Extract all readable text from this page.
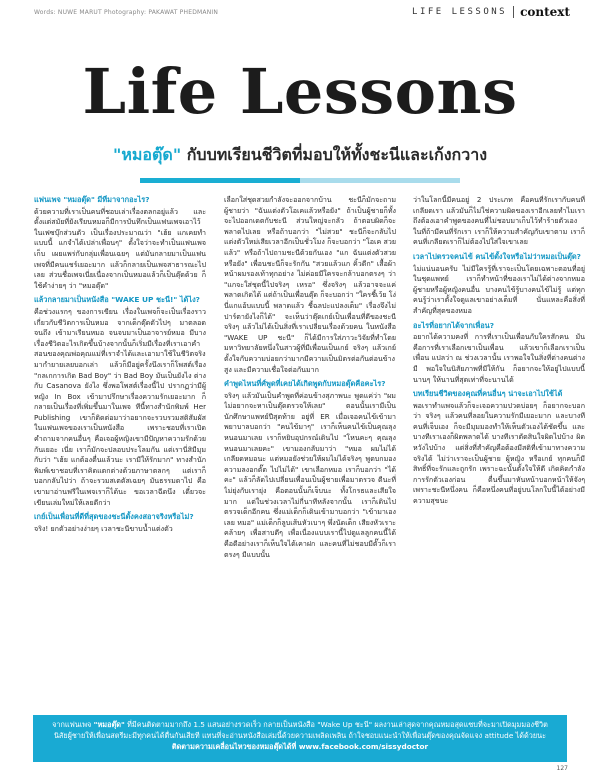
Words: NUWE MARUT Photography: PAKAWAT PHEDMANIN	LIFE LESSONS context
Life Lessons
"หมอตุ๊ด" กับบทเรียนชีวิตที่มอบให้ทั้งชะนีและเก้งกวาง
แฟนเพจ "หมอตุ๊ด" มีที่มาจากอะไร?
ด้วยความที่เราเป็นคนที่ชอบเล่าเรื่องตลกอยู่แล้ว และตั้งแต่สมัยที่ยังเรียนหมอก็มีการบันทึกเป็นแฟนเพจเอาไว้ในเฟซบุ๊กส่วนตัว เป็นเรื่องประมาณว่า "เฮ้ย แกเคยทำแบบนี้ แกจำได้เปล่าเพื่อนๆ" ตั้งใจว่าจะทำเป็นแฟนเพจเก็บ เผยแพร่กับกลุ่มเพื่อนเฉยๆ แต่มันกลายมาเป็นแฟนเพจที่มีคนแชร์เยอะมาก แล้วก็กลายเป็นเพจสาธารณะไปเลย ส่วนชื่อเพจเนี่ยเนื่องจากเป็นหมอแล้วก็เป็นตุ๊ดด้วย ก็ใช้คำง่ายๆ ว่า "หมอตุ๊ด"
แล้วกลายมาเป็นหนังสือ "WAKE UP ชะนี!" ได้ไง?
คือช่วงแรกๆ ของการเขียน เรื่องในเพจก็จะเป็นเรื่องราวเกี่ยวกับชีวิตการเป็นหมอ จากเด็กตุ๊ดตัวไปๆ มาตลอดจนถึง เข้ามาเรียนหมอ จนจบมาเป็นอาจารย์หมอ มีบางเรื่องชีวิตอะไรเกิดขึ้นบ้างจากนั้นก็เริ่มมีเรื่องที่เราเอาคำสอนของคุณพ่อคุณแม่ที่เราจำได้และเอามาใช้ในชีวิตจริงมากำยายเลยบอกเล่า แล้วก็มีอยู่ครั้งนึงเราก็โพสต์เรื่อง "กลเกการเกิด Bad Boy" ว่า Bad Boy มันเป็นยังไง ต่างกับ Casanova ยังไง ซึ่งพอโพสต์เรื่องนี้ไป ปรากฏว่ามีผู้หญิง In Box เข้ามาปรึกษาเรื่องความรักเยอะมาก ก็กลายเป็นเรื่องที่เพิ่มขึ้นมาในเพจ ทีนี้ทางสำนักพิมพ์ Her Publishing เขาก็ติดต่อมาว่าอยากจะรวบรวมสติสัมผัสในแฟนเพจของเราเป็นหนังสือ เพราะชอบที่เราเปิดคำถามจากคนอื่นๆ คือเจอผู้หญิงเขามีปัญหาความรักด้วยกันเยอะ เนี่ย เราก็มักจะปลอบประโลมกัน แต่เรานี่สิมีมุมกับว่า "เฮ้ย แกต้องตื่นแล้วนะ เรามีให้รักมาก" ทางสำนักพิมพ์เขาชอบที่เราคิดแตกต่างด้วยภาษาตลกๆ แต่เราก็บอกกลับไปว่า ถ้าจะรวมสเตตัสเฉยๆ มันธรรมดาไป คือเขามาอ่านฟรีในเพจเราก็ได้นะ ขอเวลาฉีดนึง เดี๋ยวจะเขียนเล่มใหม่ให้เลยดีกว่า
เกย์เป็นเพื่อนที่ดีที่สุดของชะนีตั้งคงสอาจริงหรือไม่?
จริง! ยกตัวอย่างง่ายๆ เวลาชะนีขาบน้ำแต่งตัว
เลือกใส่ชุดสวยกำลังจะออกจากบ้าน ชะนีก็มักจะถามผู้ชายว่า "ฉันแต่งตัวโอเคแล้วหรือยัง" ถ้าเป็นผู้ชายก็ทั้งจะไปออกเดตกับชะนี ส่วนใหญ่จะกลัว ถ้าตอบผิดก็จะพลาดไปเลย หรือถ้าบอกว่า "ไม่สวย" ชะนีก็จะกลับไปแต่งตัวใหม่เสียเวลาอีกเป็นชั่วโมง ก็จะบอกว่า "โอเค สวยแล้ว" หรือถ้าไปถามชะนีด้วยกันเอง "แก ฉันแต่งตัวสวยหรือยัง" เพื่อนชะนีก็จะรักกัน "สวยแล้วแก คิ้วดีก" เสื้อผ้าหน้าผมรองเท้าทุกอย่าง ไม่ค่อยมีใครจะกล้าบอกตรงๆ ว่า "แกจะใส่ชุดนี้ไปจริงๆ เหรอ" ซึ่งจริงๆ แล้วอาจจะแค่พลาดเกิดได้ แต่ถ้าเป็นเพื่อนตุ๊ด ก็จะบอกว่า "ใครชี้เว้ย โง่นี่แกแอ้บแบบนี้ พลาดแล้ว ชี้ฉลปะแปลงเต็ม" เรื่องจึงไม่ปาร์ตายังไงก็ได้" จะเห็นว่าตุ๊ดเกย์เป็นเพื่อนที่ดีของชะนีจริงๆ แล้วไม่ได้เป็นสิ่งที่เราเปลี่ยนเรื่องด้วยคน ในหนังสือ "WAKE UP ชะนี" ก็ได้มีการใส่ภาวะวิจัยที่ทำโดยมหาวิทยาลัยหนึ่งในสาวผู้ที่มีเพื่อนเป็นเกย์ จริงๆ แล้วเกย์ตั้งใจกับความบ่อยกว่ามากมีความเป็นมิตรต่อกันต่อนข้างสูง และมีความเชื่อใจต่อกันมาก
คำพูดไหนที่ศ์พูดที่เคยได้เกิดพูดกับหมอตุ๊ดคือคะไร?
จริงๆ แล้วมันเป็นคำพูดที่ค่อนข้างสุภาพนะ พูดแค่ว่า "ผมไม่อยากจะหาเป็นตุ๊ดตรวจให้เลย" ตอนนั้นเรามีเป็นนักศึกษาแพทย์ปีสุดท้าย อยู่ที่ ER เมื่อเจอคนไข้เข้ามา พยาบาลบอกว่า "คนไข้มาๆ" เราก็เห็นคนไข้เป็นคุณลุงหนอนมาเลย เราก็หยิบอุปกรณ์เดินไป "โหนคะๆ คุณลุงหนอนมาเลยคะ" เขามองกลับมาว่า "หมอ ผมไม่ได้เกลียดหมอนะ แต่หมอยังช่วยให้ผมไม่ได้จริงๆ พูดบกมองความลงอกตั๊ต ไปไม่ได้" เขาเลือกหมอ เราก็บอกว่า "ได้คะ" แล้วก็ลัดไปเปลี่ยนเพื่อนเป็นผู้ชายเพื่อมาตรวจ ดีนะที่ไม่ยุ่งกับเรายุ่ง คือตอนนั้นก็เจ็บนะ ทั้งโกรธและเสียใจมาก แต่ในช่วงเวลาไม่กี่นาทีหลังจากนั้น เราก็เดินไปตรวจเด็กอีกคน ซึ่งแม่เด็กก็เดินเข้ามาบอกว่า "เข้ามาเองเลย หมอ" แม่เด็กก็ลูบเส้นหัวเบาๆ พึ่งนัดเด็ก เสียงหัวเราะคล้ายๆ เพื่อสาบดีๆ เพื่อเนื่องแบบเรานี้ไปดูแลลูกคนนี้ได้ คือดีอย่างเราก็เห็นใจได้เคาฝก และคนที่ไม่ชอบมีตั๊วก็เราตรงๆ มีแบบนั้น
ว่าในโลกนี้มีคนอยู่ 2 ประเภท คือคนที่รักเรากับคนที่เกลียดเรา แล้วมันก็ไม่ใช่ความผิดของเราอีกเลยทำไมเราถึงต้องเอาคำพูดของคนที่ไม่ชอบมาเก็บไว้ทำร้ายตัวเอง ในที่ถ้ามีคนที่รักเรา เราก็ให้ความสำคัญกับเขาตาม เราก็คนที่เกลียดเราก็ไม่ต้องไปใส่ใจเขาเลย
เวลาไปตรวจคนไข้ คนไข้ตั้งใจหรือไม่ว่าหมอเป็นตุ๊ด?
ไม่แน่นอนครับ ไม่มีใครรู้ที่เราจะเป็นโดยเฉพาะตอนที่อยู่ในชุดแพทย์ เราก็ทำหน้าที่ของเราไม่ได้ต่างจากหมอผู้ชายหรือผู้หญิงคนอื่น บางคนไข้รู้บางคนไข้ไม่รู้ แต่ทุกคนรู้ว่าเราตั้งใจดูแลเขาอย่างเต็มที่ นั่นแหละคือสิ่งที่สำคัญที่สุดของหมอ
อะไรที่อยากได้จากเพื่อน?
อยากได้ความคงที่ การที่เราเป็นเพื่อนกับใครสักคน มันคือการที่เราเลือกเขาเป็นเพื่อน แล้วเขาก็เลือกเราเป็นเพื่อน แปลว่า ณ ช่วงเวลานั้น เราพอใจในสิ่งที่ต่างคนต่างมี พอใจในนิสัยภาพที่มีให้กัน ก็อยากจะให้อยู่ไปแบบนี้นานๆ ให้นานที่สุดเท่าที่จะนานได้
บทเรียนชีวิตของคุณที่คนอื่นๆ น่าจะเอาไปใช้ได้
พอเราทำแพจแล้วก็จะเจอความปวดบ่อยๆ ก็อยากจะบอกว่า จริงๆ แล้วคนที่ลอยในความรักมีเยอะมาก และบางทีคนที่เจ็บเอง ก็จะมีมุมมองทำให้เห็นตัวเองได้ชัดขึ้น และบางทีเราเองก็ผิดพลาดได้ บางทีเราตัดสินใจผิดไปบ้าง ผิดหวังไปบ้าง แต่สิ่งที่สำคัญคือต้องมีสติที่เข้ามาทางความจริงได้ ไม่ว่าเราจะเป็นผู้ชาย ผู้หญิง หรือเกย์ ทุกคนก็มีสิทธิ์ที่จะรักและถูกรัก เพราะฉะนั้นตั้งใจให้ดี เกิดคิดกำลังการรักตัวเองก่อน ตื่นขึ้นมาหันหน้าบอกหน้าให้จังๆ เพราะชะนีหนึ่งคน ก็คือหนึ่งคนที่อยู่บนโลกใบนี้ได้อย่างมีความสุขนะ
จากแฟนเพจ "หมอตุ๊ด" ที่มีคนติดตามมากถึง 1.5 แสนอย่างรวดเร็ว กลายเป็นหนังสือ "Wake Up ชะนี" ผลงานเล่าสุดจากคุณหมอสุดแซบที่จะมาเปิดมุมมองชีวิต
นิสัยผู้ชายให้เพื่อนสตรีมะมีทุกคนได้ตื่นกันเสียที แทนที่จะอ่านหนังสือเล่มนี้ด้วยความเพลิดเพลิน ถ้าใจชอบแนะนำให้เพื่อนตุ๊ดของคุณจัดแจง attitude ได้ด้วยนะ
ติดตามความเคลื่อนไหวของหมอตุ๊ดได้ที่ www.facebook.com/sissydoctor
127
